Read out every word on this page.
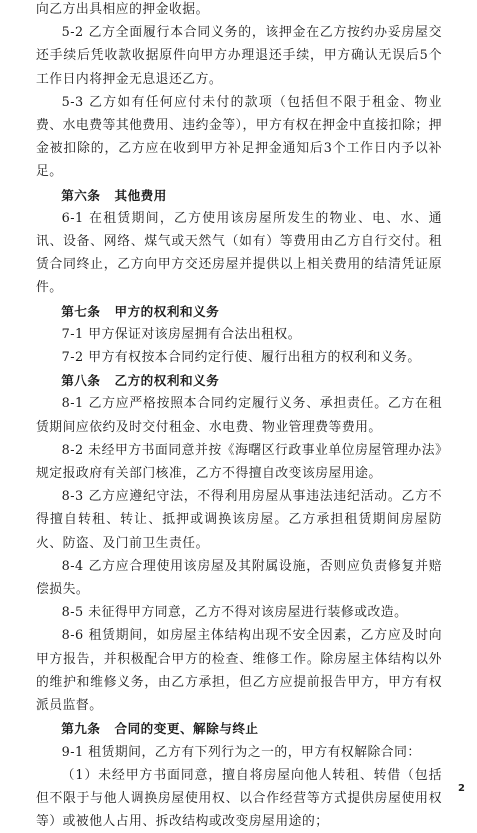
向乙方出具相应的押金收据。

5-2 乙方全面履行本合同义务的，该押金在乙方按约办妥房屋交还手续后凭收款收据原件向甲方办理退还手续，甲方确认无误后5个工作日内将押金无息退还乙方。

5-3 乙方如有任何应付未付的款项（包括但不限于租金、物业费、水电费等其他费用、违约金等），甲方有权在押金中直接扣除；押金被扣除的，乙方应在收到甲方补足押金通知后3个工作日内予以补足。

第六条 其他费用

6-1 在租赁期间，乙方使用该房屋所发生的物业、电、水、通讯、设备、网络、煤气或天然气（如有）等费用由乙方自行交付。租赁合同终止，乙方向甲方交还房屋并提供以上相关费用的结清凭证原件。

第七条 甲方的权利和义务

7-1 甲方保证对该房屋拥有合法出租权。

7-2 甲方有权按本合同约定行使、履行出租方的权利和义务。

第八条 乙方的权利和义务

8-1 乙方应严格按照本合同约定履行义务、承担责任。乙方在租赁期间应依约及时交付租金、水电费、物业管理费等费用。

8-2 未经甲方书面同意并按《海曙区行政事业单位房屋管理办法》规定报政府有关部门核准，乙方不得擅自改变该房屋用途。

8-3 乙方应遵纪守法，不得利用房屋从事违法违纪活动。乙方不得擅自转租、转让、抵押或调换该房屋。乙方承担租赁期间房屋防火、防盗、及门前卫生责任。

8-4 乙方应合理使用该房屋及其附属设施，否则应负责修复并赔偿损失。

8-5 未征得甲方同意，乙方不得对该房屋进行装修或改造。

8-6 租赁期间，如房屋主体结构出现不安全因素，乙方应及时向甲方报告，并积极配合甲方的检查、维修工作。除房屋主体结构以外的维护和维修义务，由乙方承担，但乙方应提前报告甲方，甲方有权派员监督。

第九条 合同的变更、解除与终止

9-1 租赁期间，乙方有下列行为之一的，甲方有权解除合同：

（1）未经甲方书面同意，擅自将房屋向他人转租、转借（包括但不限于与他人调换房屋使用权、以合作经营等方式提供房屋使用权等）或被他人占用、拆改结构或改变房屋用途的；

2
